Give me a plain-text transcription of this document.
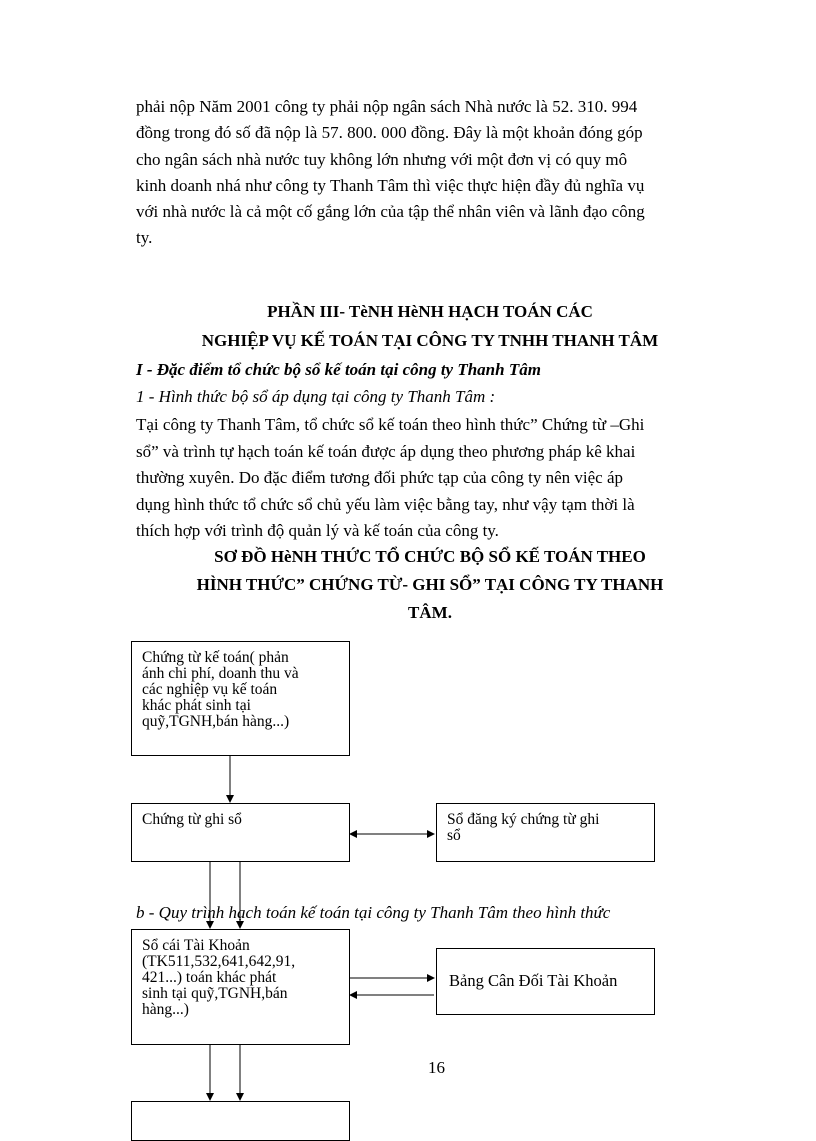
phải nộp Năm 2001 công ty phải nộp ngân sách Nhà nước là 52. 310. 994
đồng trong đó số đã nộp là 57. 800. 000 đồng. Đây là một khoản đóng góp
cho ngân sách nhà nước tuy không lớn nhưng với một đơn vị có quy mô
kinh doanh nhá như công ty Thanh Tâm thì việc thực hiện đầy đủ nghĩa vụ
với nhà nước là cả một cố gắng lớn của tập thể nhân viên và lãnh đạo công
ty.
PHẦN III- TèNH HèNH HẠCH TOÁN CÁC
NGHIỆP VỤ KẾ TOÁN TẠI CÔNG TY TNHH THANH TÂM
I - Đặc điểm tổ chức bộ sổ kế toán tại công ty Thanh Tâm
1 - Hình thức bộ sổ áp dụng tại công ty Thanh Tâm :
Tại công ty Thanh Tâm, tổ chức sổ kế toán theo hình thức” Chứng từ –Ghi
sổ” và trình tự hạch toán kế toán được áp dụng theo phương pháp kê khai
thường xuyên. Do đặc điểm tương đối phức tạp của công ty nên việc áp
dụng hình thức tổ chức sổ chủ yếu làm việc bằng tay, như vậy tạm thời là
thích hợp với trình độ quản lý và kế toán của công ty.
SƠ ĐỒ HèNH THỨC TỔ CHỨC BỘ SỔ KẾ TOÁN THEO
HÌNH THỨC” CHỨNG TỪ- GHI SỔ” TẠI CÔNG TY THANH
TÂM.
Chứng từ kế toán( phản
ánh chi phí, doanh thu và
các nghiệp vụ kế toán
khác phát sinh tại
quỹ,TGNH,bán hàng...)
Chứng từ ghi sổ	Sổ đăng ký chứng từ ghi
sổ
b - Quy trình hạch toán kế toán tại công ty Thanh Tâm theo hình thức
Sổ cái Tài Khoản
(TK511,532,641,642,91,
421...) toán khác phát
sinh tại quỹ,TGNH,bán
hàng...)
Bảng Cân Đối Tài Khoản
16
